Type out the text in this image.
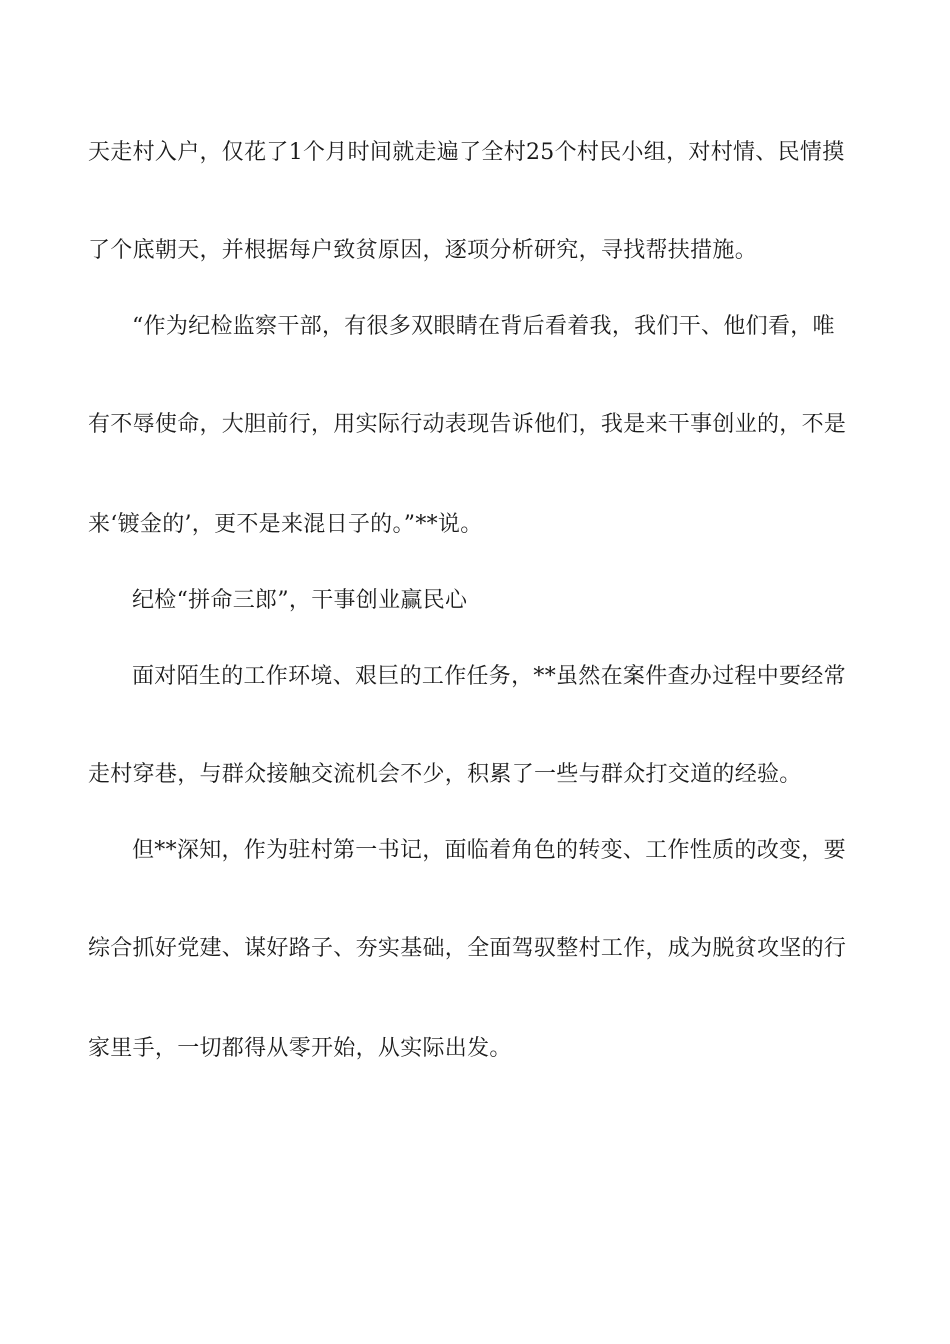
天走村入户，仅花了1个月时间就走遍了全村25个村民小组，对村情、民情摸
了个底朝天，并根据每户致贫原因，逐项分析研究，寻找帮扶措施。
“作为纪检监察干部，有很多双眼睛在背后看着我，我们干、他们看，唯
有不辱使命，大胆前行，用实际行动表现告诉他们，我是来干事创业的，不是
来‘镀金的’，更不是来混日子的。”**说。
纪检“拼命三郎”，干事创业赢民心
面对陌生的工作环境、艰巨的工作任务，**虽然在案件查办过程中要经常
走村穿巷，与群众接触交流机会不少，积累了一些与群众打交道的经验。
但**深知，作为驻村第一书记，面临着角色的转变、工作性质的改变，要
综合抓好党建、谋好路子、夯实基础，全面驾驭整村工作，成为脱贫攻坚的行
家里手，一切都得从零开始，从实际出发。
